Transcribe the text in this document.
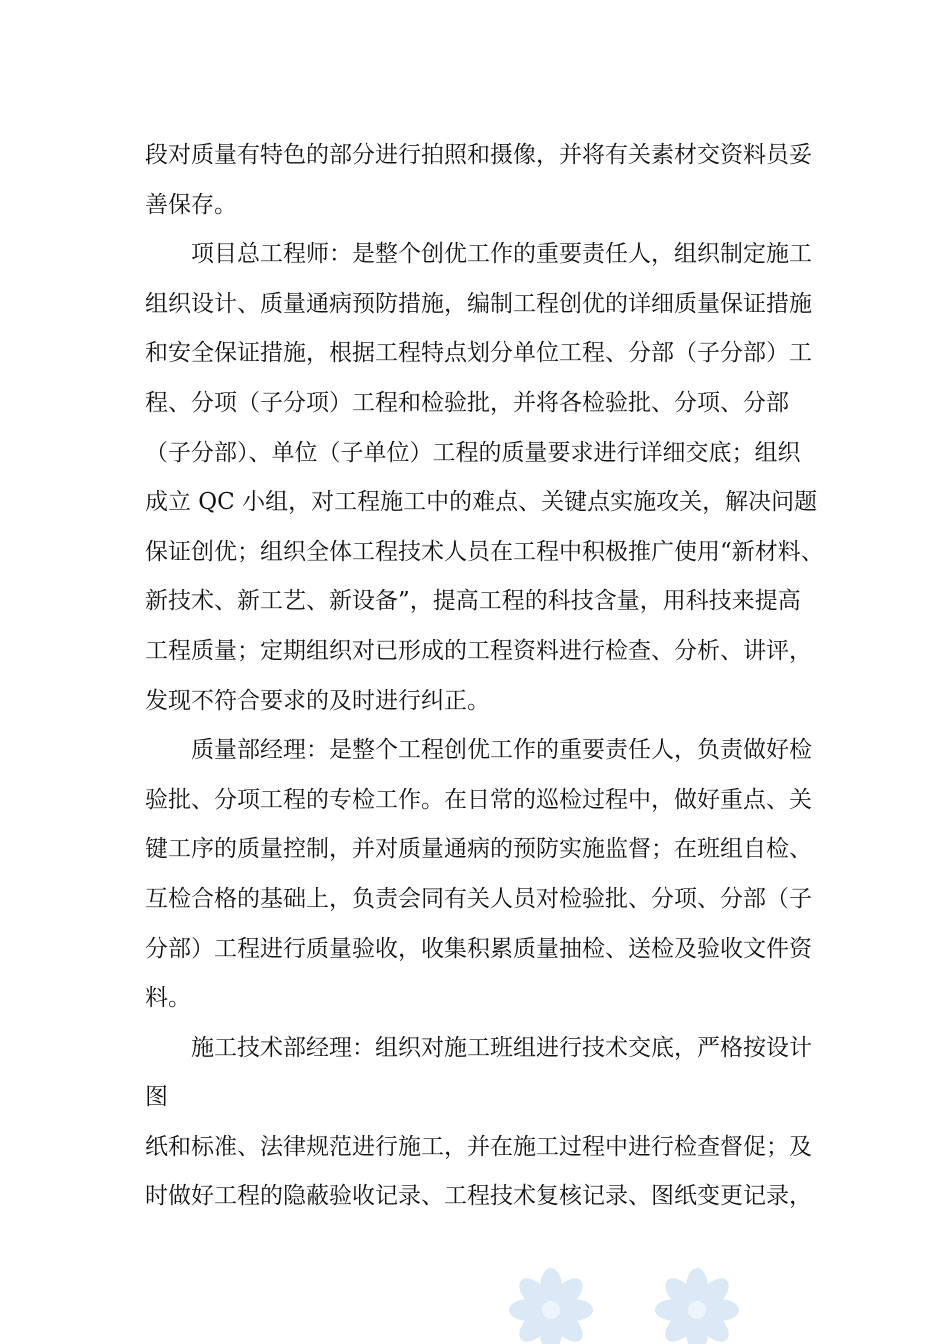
段对质量有特色的部分进行拍照和摄像，并将有关素材交资料员妥
善保存。
项目总工程师：是整个创优工作的重要责任人，组织制定施工
组织设计、质量通病预防措施，编制工程创优的详细质量保证措施
和安全保证措施，根据工程特点划分单位工程、分部（子分部）工
程、分项（子分项）工程和检验批，并将各检验批、分项、分部
（子分部）、单位（子单位）工程的质量要求进行详细交底；组织
成立 QC 小组，对工程施工中的难点、关键点实施攻关，解决问题
保证创优；组织全体工程技术人员在工程中积极推广使用“新材料、
新技术、新工艺、新设备”，提高工程的科技含量，用科技来提高
工程质量；定期组织对已形成的工程资料进行检查、分析、讲评，
发现不符合要求的及时进行纠正。
质量部经理：是整个工程创优工作的重要责任人，负责做好检
验批、分项工程的专检工作。在日常的巡检过程中，做好重点、关
键工序的质量控制，并对质量通病的预防实施监督；在班组自检、
互检合格的基础上，负责会同有关人员对检验批、分项、分部（子
分部）工程进行质量验收，收集积累质量抽检、送检及验收文件资
料。
施工技术部经理：组织对施工班组进行技术交底，严格按设计
图
纸和标准、法律规范进行施工，并在施工过程中进行检查督促；及
时做好工程的隐蔽验收记录、工程技术复核记录、图纸变更记录，
